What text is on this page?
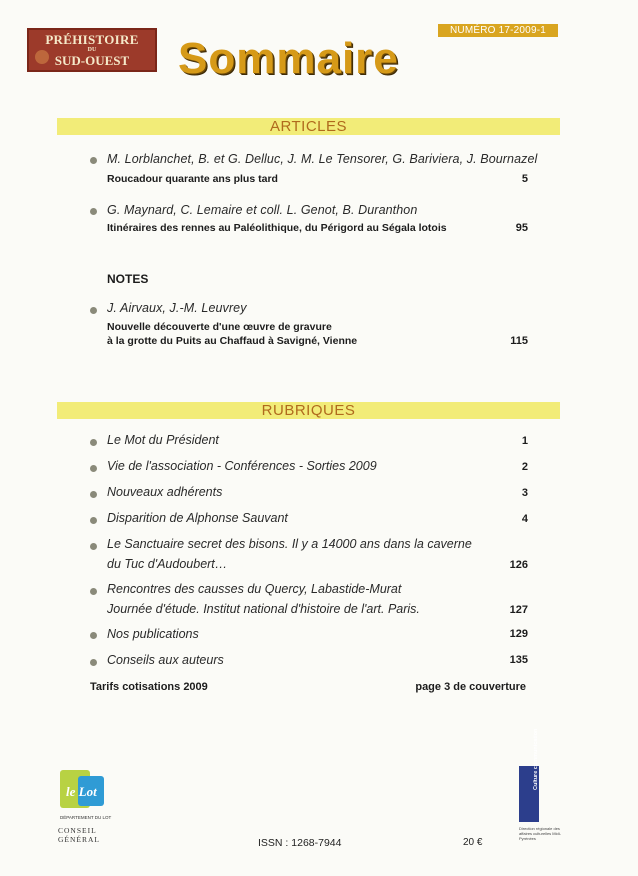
PRÉHISTOIRE
DU
SUD-OUEST
NUMÉRO 17-2009-1
Sommaire
ARTICLES
M. Lorblanchet, B. et G. Delluc, J. M. Le Tensorer, G. Bariviera, J. Bournazel
Roucadour quarante ans plus tard	5
G. Maynard, C. Lemaire et coll. L. Genot, B. Duranthon
Itinéraires des rennes au Paléolithique, du Périgord au Ségala lotois	95
NOTES
J. Airvaux, J.-M. Leuvrey
Nouvelle découverte d'une œuvre de gravure
à la grotte du Puits au Chaffaud à Savigné, Vienne	115
RUBRIQUES
Le Mot du Président	1
Vie de l'association - Conférences - Sorties 2009	2
Nouveaux adhérents	3
Disparition de Alphonse Sauvant	4
Le Sanctuaire secret des bisons. Il y a 14000 ans dans la caverne
du Tuc d'Audoubert…	126
Rencontres des causses du Quercy, Labastide-Murat
Journée d'étude. Institut national d'histoire de l'art. Paris.	127
Nos publications	129
Conseils aux auteurs	135
Tarifs cotisations 2009	page 3 de couverture
le Lot
DÉPARTEMENT DU LOT
CONSEIL
GÉNÉRAL
Culture communication
Direction régionale des affaires culturelles Midi-Pyrénées
ISSN : 1268-7944	20 €
